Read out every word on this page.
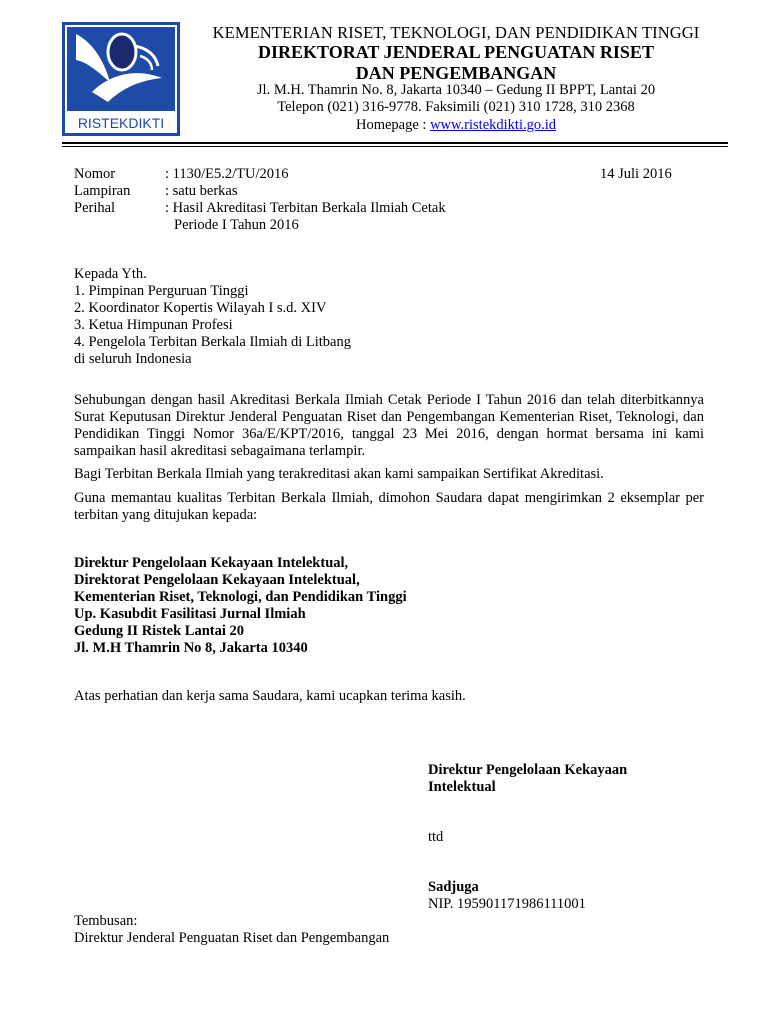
RISTEKDIKTI
KEMENTERIAN RISET, TEKNOLOGI, DAN PENDIDIKAN TINGGI
DIREKTORAT JENDERAL PENGUATAN RISET
DAN PENGEMBANGAN
Jl. M.H. Thamrin No. 8, Jakarta 10340 – Gedung II BPPT, Lantai 20
Telepon (021) 316-9778. Faksimili (021) 310 1728, 310 2368
Homepage : www.ristekdikti.go.id
Nomor	: 1130/E5.2/TU/2016	14 Juli 2016
Lampiran : satu berkas
Perihal	: Hasil Akreditasi Terbitan Berkala Ilmiah Cetak
Periode I Tahun 2016
Kepada Yth.
1. Pimpinan Perguruan Tinggi
2. Koordinator Kopertis Wilayah I s.d. XIV
3. Ketua Himpunan Profesi
4. Pengelola Terbitan Berkala Ilmiah di Litbang
di seluruh Indonesia
Sehubungan dengan hasil Akreditasi Berkala Ilmiah Cetak Periode I Tahun 2016 dan telah diterbitkannya Surat Keputusan Direktur Jenderal Penguatan Riset dan Pengembangan Kementerian Riset, Teknologi, dan Pendidikan Tinggi Nomor 36a/E/KPT/2016, tanggal 23 Mei 2016, dengan hormat bersama ini kami sampaikan hasil akreditasi sebagaimana terlampir.
Bagi Terbitan Berkala Ilmiah yang terakreditasi akan kami sampaikan Sertifikat Akreditasi.
Guna memantau kualitas Terbitan Berkala Ilmiah, dimohon Saudara dapat mengirimkan 2 eksemplar per terbitan yang ditujukan kepada:
Direktur Pengelolaan Kekayaan Intelektual,
Direktorat Pengelolaan Kekayaan Intelektual,
Kementerian Riset, Teknologi, dan Pendidikan Tinggi
Up. Kasubdit Fasilitasi Jurnal Ilmiah
Gedung II Ristek Lantai 20
Jl. M.H Thamrin No 8, Jakarta 10340
Atas perhatian dan kerja sama Saudara, kami ucapkan terima kasih.
Direktur Pengelolaan Kekayaan
Intelektual
ttd
Sadjuga
NIP. 195901171986111001
Tembusan:
Direktur Jenderal Penguatan Riset dan Pengembangan
